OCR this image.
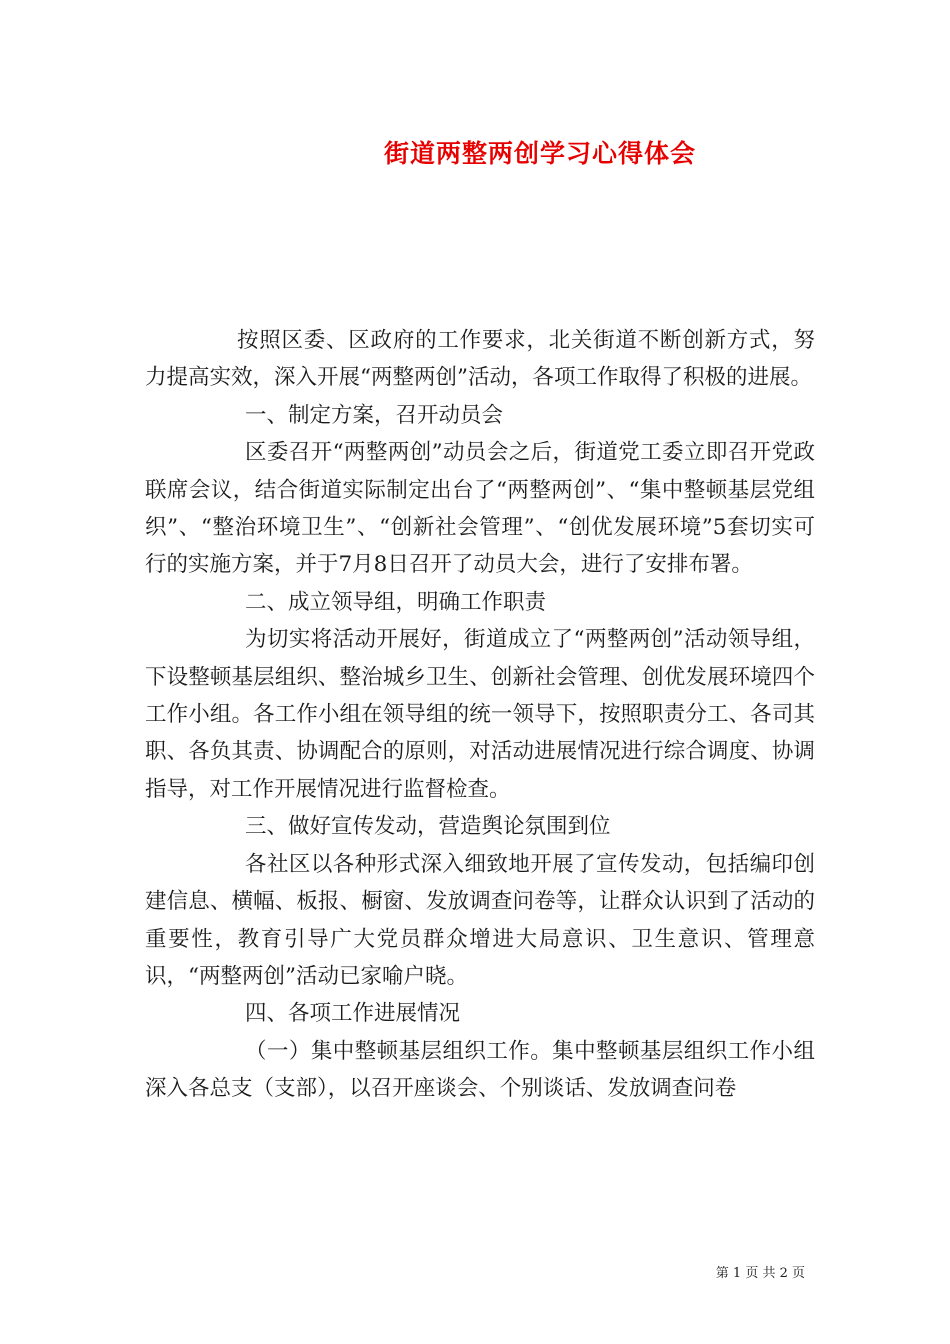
街道两整两创学习心得体会

按照区委、区政府的工作要求，北关街道不断创新方式，努力提高实效，深入开展“两整两创”活动，各项工作取得了积极的进展。

一、制定方案，召开动员会

区委召开“两整两创”动员会之后，街道党工委立即召开党政联席会议，结合街道实际制定出台了“两整两创”、“集中整顿基层党组织”、“整治环境卫生”、“创新社会管理”、“创优发展环境”5套切实可行的实施方案，并于7月8日召开了动员大会，进行了安排布署。

二、成立领导组，明确工作职责

为切实将活动开展好，街道成立了“两整两创”活动领导组，下设整顿基层组织、整治城乡卫生、创新社会管理、创优发展环境四个工作小组。各工作小组在领导组的统一领导下，按照职责分工、各司其职、各负其责、协调配合的原则，对活动进展情况进行综合调度、协调指导，对工作开展情况进行监督检查。

三、做好宣传发动，营造舆论氛围到位

各社区以各种形式深入细致地开展了宣传发动，包括编印创建信息、横幅、板报、橱窗、发放调查问卷等，让群众认识到了活动的重要性，教育引导广大党员群众增进大局意识、卫生意识、管理意识，“两整两创”活动已家喻户晓。

四、各项工作进展情况

（一）集中整顿基层组织工作。集中整顿基层组织工作小组深入各总支（支部），以召开座谈会、个别谈话、发放调查问卷

第 1 页 共 2 页
